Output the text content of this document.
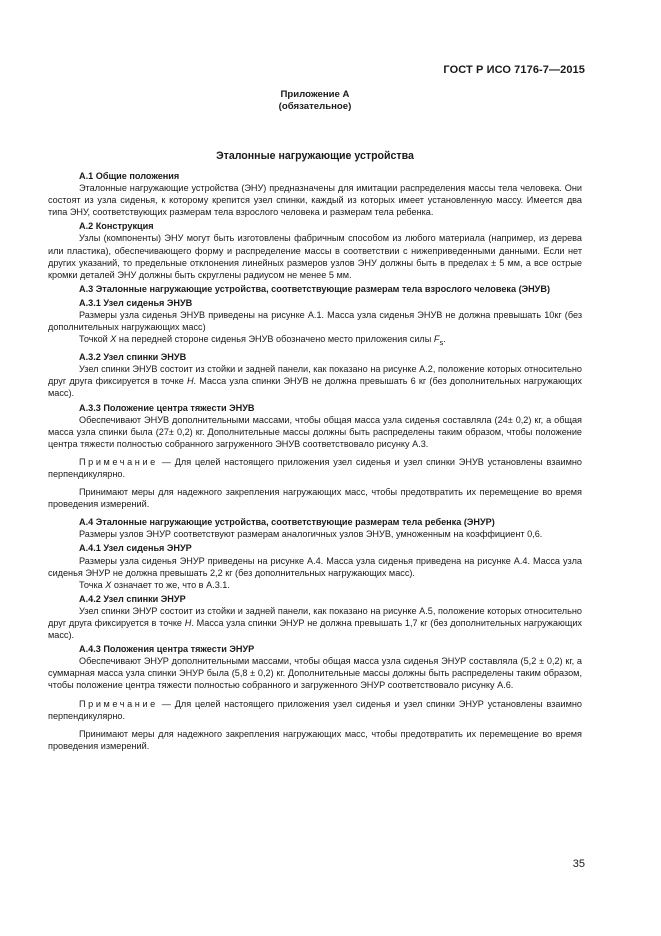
ГОСТ Р ИСО 7176-7—2015
Приложение А
(обязательное)
Эталонные нагружающие устройства

А.1 Общие положения

Эталонные нагружающие устройства (ЭНУ) предназначены для имитации распределения массы тела человека. Они состоят из узла сиденья, к которому крепится узел спинки, каждый из которых имеет установленную массу. Имеется два типа ЭНУ, соответствующих размерам тела взрослого человека и размерам тела ребенка.

А.2 Конструкция

Узлы (компоненты) ЭНУ могут быть изготовлены фабричным способом из любого материала (например, из дерева или пластика), обеспечивающего форму и распределение массы в соответствии с нижеприведенными данными. Если нет других указаний, то предельные отклонения линейных размеров узлов ЭНУ должны быть в пределах ± 5 мм, а все острые кромки деталей ЭНУ должны быть скруглены радиусом не менее 5 мм.

А.3 Эталонные нагружающие устройства, соответствующие размерам тела взрослого человека (ЭНУВ)

А.3.1 Узел сиденья ЭНУВ

Размеры узла сиденья ЭНУВ приведены на рисунке А.1. Масса узла сиденья ЭНУВ не должна превышать 10кг (без дополнительных нагружающих масс)

Точкой X на передней стороне сиденья ЭНУВ обозначено место приложения силы $F_s$.

А.3.2 Узел спинки ЭНУВ

Узел спинки ЭНУВ состоит из стойки и задней панели, как показано на рисунке А.2, положение которых относительно друг друга фиксируется в точке H. Масса узла спинки ЭНУВ не должна превышать 6 кг (без дополнительных нагружающих масс).

А.3.3 Положение центра тяжести ЭНУВ

Обеспечивают ЭНУВ дополнительными массами, чтобы общая масса узла сиденья составляла (24± 0,2) кг, а общая масса узла спинки была (27± 0,2) кг. Дополнительные массы должны быть распределены таким образом, чтобы положение центра тяжести полностью собранного загруженного ЭНУВ соответствовало рисунку А.3.

Примечание — Для целей настоящего приложения узел сиденья и узел спинки ЭНУВ установлены взаимно перпендикулярно.

Принимают меры для надежного закрепления нагружающих масс, чтобы предотвратить их перемещение во время проведения измерений.

А.4 Эталонные нагружающие устройства, соответствующие размерам тела ребенка (ЭНУР)

Размеры узлов ЭНУР соответствуют размерам аналогичных узлов ЭНУВ, умноженным на коэффициент 0,6.

А.4.1 Узел сиденья ЭНУР

Размеры узла сиденья ЭНУР приведены на рисунке А.4. Масса узла сиденья приведена на рисунке А.4. Масса узла сиденья ЭНУР не должна превышать 2,2 кг (без дополнительных нагружающих масс).

Точка X означает то же, что в А.3.1.

А.4.2 Узел спинки ЭНУР

Узел спинки ЭНУР состоит из стойки и задней панели, как показано на рисунке А.5, положение которых относительно друг друга фиксируется в точке H. Масса узла спинки ЭНУР не должна превышать 1,7 кг (без дополнительных нагружающих масс).

А.4.3 Положения центра тяжести ЭНУР

Обеспечивают ЭНУР дополнительными массами, чтобы общая масса узла сиденья ЭНУР составляла (5,2 ± 0,2) кг, а суммарная масса узла спинки ЭНУР была (5,8 ± 0,2) кг. Дополнительные массы должны быть распределены таким образом, чтобы положение центра тяжести полностью собранного и загруженного ЭНУР соответствовало рисунку А.6.

Примечание — Для целей настоящего приложения узел сиденья и узел спинки ЭНУР установлены взаимно перпендикулярно.

Принимают меры для надежного закрепления нагружающих масс, чтобы предотвратить их перемещение во время проведения измерений.

35
